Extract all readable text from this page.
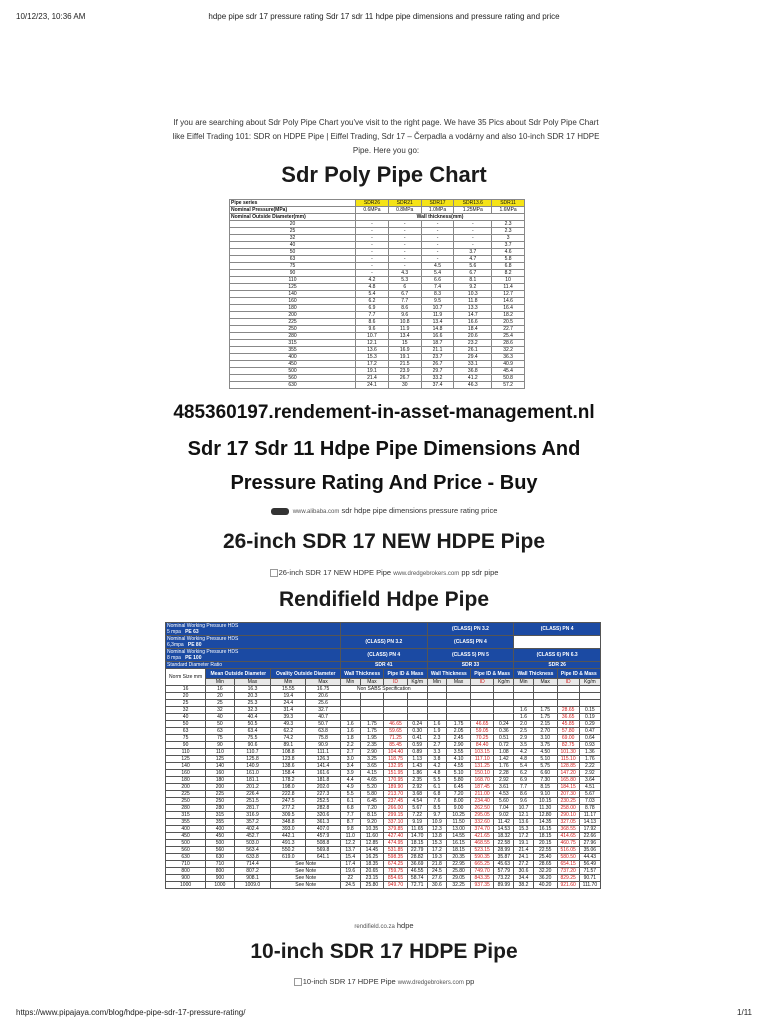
10/12/23, 10:36 AM	hdpe pipe sdr 17 pressure rating Sdr 17 sdr 11 hdpe pipe dimensions and pressure rating and price

If you are searching about Sdr Poly Pipe Chart you've visit to the right page. We have 35 Pics about Sdr Poly Pipe Chart like Eiffel Trading 101: SDR on HDPE Pipe | Eiffel Trading, Sdr 17 – Čerpadla a vodárny and also 10-inch SDR 17 HDPE Pipe. Here you go:

Sdr Poly Pipe Chart
Pipe series	SDR26	SDR21	SDR17	SDR13.6	SDR11
Nominal Pressure(MPa)	0.6MPa	0.8MPa	1.0MPa	1.25MPa	1.6MPa
Nominal Outside Diameter(mm)	Wall thickness(mm)				
20	-	-	-	-	2.3
25	-	-	-	-	2.3
32	-	-	-	-	3
40	-	-	-	-	3.7
50	-	-	-	3.7	4.6
63	-	-	-	4.7	5.8
75	-	-	4.5	5.6	6.8
90	-	4.3	5.4	6.7	8.2
110	4.2	5.3	6.6	8.1	10
125	4.8	6	7.4	9.2	11.4
140	5.4	6.7	8.3	10.3	12.7
160	6.2	7.7	9.5	11.8	14.6
180	6.9	8.6	10.7	13.3	16.4
200	7.7	9.6	11.9	14.7	18.2
225	8.6	10.8	13.4	16.6	20.5
250	9.6	11.9	14.8	18.4	22.7
280	10.7	13.4	16.6	20.6	25.4
315	12.1	15	18.7	23.2	28.6
355	13.6	16.9	21.1	26.1	32.2
400	15.3	19.1	23.7	29.4	36.3
450	17.2	21.5	26.7	33.1	40.9
500	19.1	23.9	29.7	36.8	45.4
560	21.4	26.7	33.2	41.2	50.8
630	24.1	30	37.4	46.3	57.2
485360197.rendement-in-asset-management.nl
Sdr 17 Sdr 11 Hdpe Pipe Dimensions And Pressure Rating And Price - Buy
www.alibaba.com sdr hdpe pipe dimensions pressure rating price
26-inch SDR 17 NEW HDPE Pipe
26-inch SDR 17 NEW HDPE Pipe www.dredgebrokers.com pp sdr pipe
Rendifield Hdpe Pipe
Nominal Working Pressure HDS
5 mpa PE 63									(CLASS) PN 3.2				(CLASS) PN 4			
Nominal Working Pressure HDS
6,3mpa PE 80					(CLASS) PN 3.2				(CLASS) PN 4							
Nominal Working Pressure HDS
8 mpa PE 100					(CLASS) PN 4				(CLASS 5) PN 5				(CLASS 6) PN 6.3			
Standard Diameter Ratio					SDR 41				SDR 33				SDR 26			
Norm Size mm	Mean Outside Diameter		Ovality Outside Diameter		Wall Thickness		Pipe ID & Mass		Wall Thickness		Pipe ID & Mass		Wall Thickness		Pipe ID & Mass	
	Min	Max	Min	Max	Min	Max	ID	Kg/m	Min	Max	ID	Kg/m	Min	Max	ID	Kg/m
16	16	16.3	15.55	16.75	Non SABS Specification											
20	20	20.3	19.4	20.6												
25	25	25.3	24.4	25.6												
32	32	32.3	31.4	32.7									1.6	1.75	28.65	0.15
40	40	40.4	39.3	40.7									1.6	1.75	36.65	0.19
50	50	50.5	49.3	50.7	1.6	1.75	46.65	0.24	1.6	1.75	46.65	0.24	2.0	2.15	45.85	0.29
63	63	63.4	62.2	63.8	1.6	1.75	59.65	0.30	1.9	2.05	59.05	0.36	2.5	2.70	57.80	0.47
75	75	75.5	74.2	75.8	1.8	1.95	71.25	0.41	2.3	2.45	70.25	0.51	2.9	3.10	69.00	0.64
90	90	90.6	89.1	90.9	2.2	2.35	85.45	0.59	2.7	2.90	84.40	0.72	3.5	3.75	82.75	0.93
110	110	110.7	108.8	111.1	2.7	2.90	104.40	0.89	3.3	3.55	103.15	1.08	4.2	4.50	101.30	1.36
125	125	125.8	123.8	126.3	3.0	3.25	118.75	1.13	3.8	4.10	117.10	1.42	4.8	5.10	115.10	1.76
140	140	140.9	138.6	141.4	3.4	3.65	132.95	1.43	4.2	4.55	131.25	1.76	5.4	5.75	128.85	2.22
160	160	161.0	158.4	161.6	3.9	4.15	151.95	1.86	4.8	5.10	150.10	2.28	6.2	6.60	147.20	2.92
180	180	181.1	178.2	181.8	4.4	4.65	170.95	2.35	5.5	5.80	168.70	2.92	6.9	7.30	165.80	3.64
200	200	201.2	198.0	202.0	4.9	5.20	189.90	2.92	6.1	6.45	187.45	3.61	7.7	8.15	184.15	4.51
225	225	226.4	222.8	227.3	5.5	5.80	213.70	3.68	6.8	7.20	211.00	4.53	8.6	9.10	207.30	5.67
250	250	251.5	247.5	252.5	6.1	6.45	237.45	4.54	7.6	8.00	234.40	5.60	9.6	10.15	230.25	7.03
280	280	281.7	277.2	282.8	6.8	7.20	266.00	5.67	8.5	9.00	262.50	7.04	10.7	11.30	258.00	8.78
315	315	316.9	309.5	320.6	7.7	8.15	299.15	7.22	9.7	10.25	295.05	9.02	12.1	12.80	290.10	11.17
355	355	357.2	348.8	361.3	8.7	9.20	337.10	9.19	10.9	11.50	332.60	11.42	13.6	14.35	327.05	14.13
400	400	402.4	393.0	407.0	9.8	10.35	379.85	11.65	12.3	13.00	374.70	14.53	15.3	16.15	368.55	17.92
450	450	452.7	442.1	457.9	11.0	11.60	427.40	14.70	13.8	14.55	421.65	18.32	17.2	18.15	414.65	22.66
500	500	503.0	491.3	508.8	12.2	12.85	474.95	18.15	15.3	16.15	468.55	22.58	19.1	20.15	460.75	27.96
560	560	563.4	550.2	569.8	13.7	14.45	531.85	22.79	17.2	18.15	523.15	28.99	21.4	22.55	516.05	35.06
630	630	633.8	619.0	641.1	15.4	16.25	598.35	28.82	19.3	20.35	590.35	35.87	24.1	25.40	580.50	44.43
710	710	714.4	See Note		17.4	18.35	674.25	36.69	21.8	22.95	665.25	45.63	27.2	28.65	654.15	56.49
800	800	807.2	See Note		19.6	20.65	759.75	46.55	24.5	25.80	749.70	57.79	30.6	32.20	737.20	71.57
900	900	908.1	See Note		22	23.15	854.65	58.74	27.6	29.05	843.35	73.22	34.4	36.20	829.25	90.71
1000	1000	1009.0	See Note		24.5	25.80	949.70	72.71	30.6	32.25	937.35	89.99	38.2	40.20	921.60	111.70
rendifield.co.za hdpe
10-inch SDR 17 HDPE Pipe
10-inch SDR 17 HDPE Pipe www.dredgebrokers.com pp
https://www.pipajaya.com/blog/hdpe-pipe-sdr-17-pressure-rating/	1/11
